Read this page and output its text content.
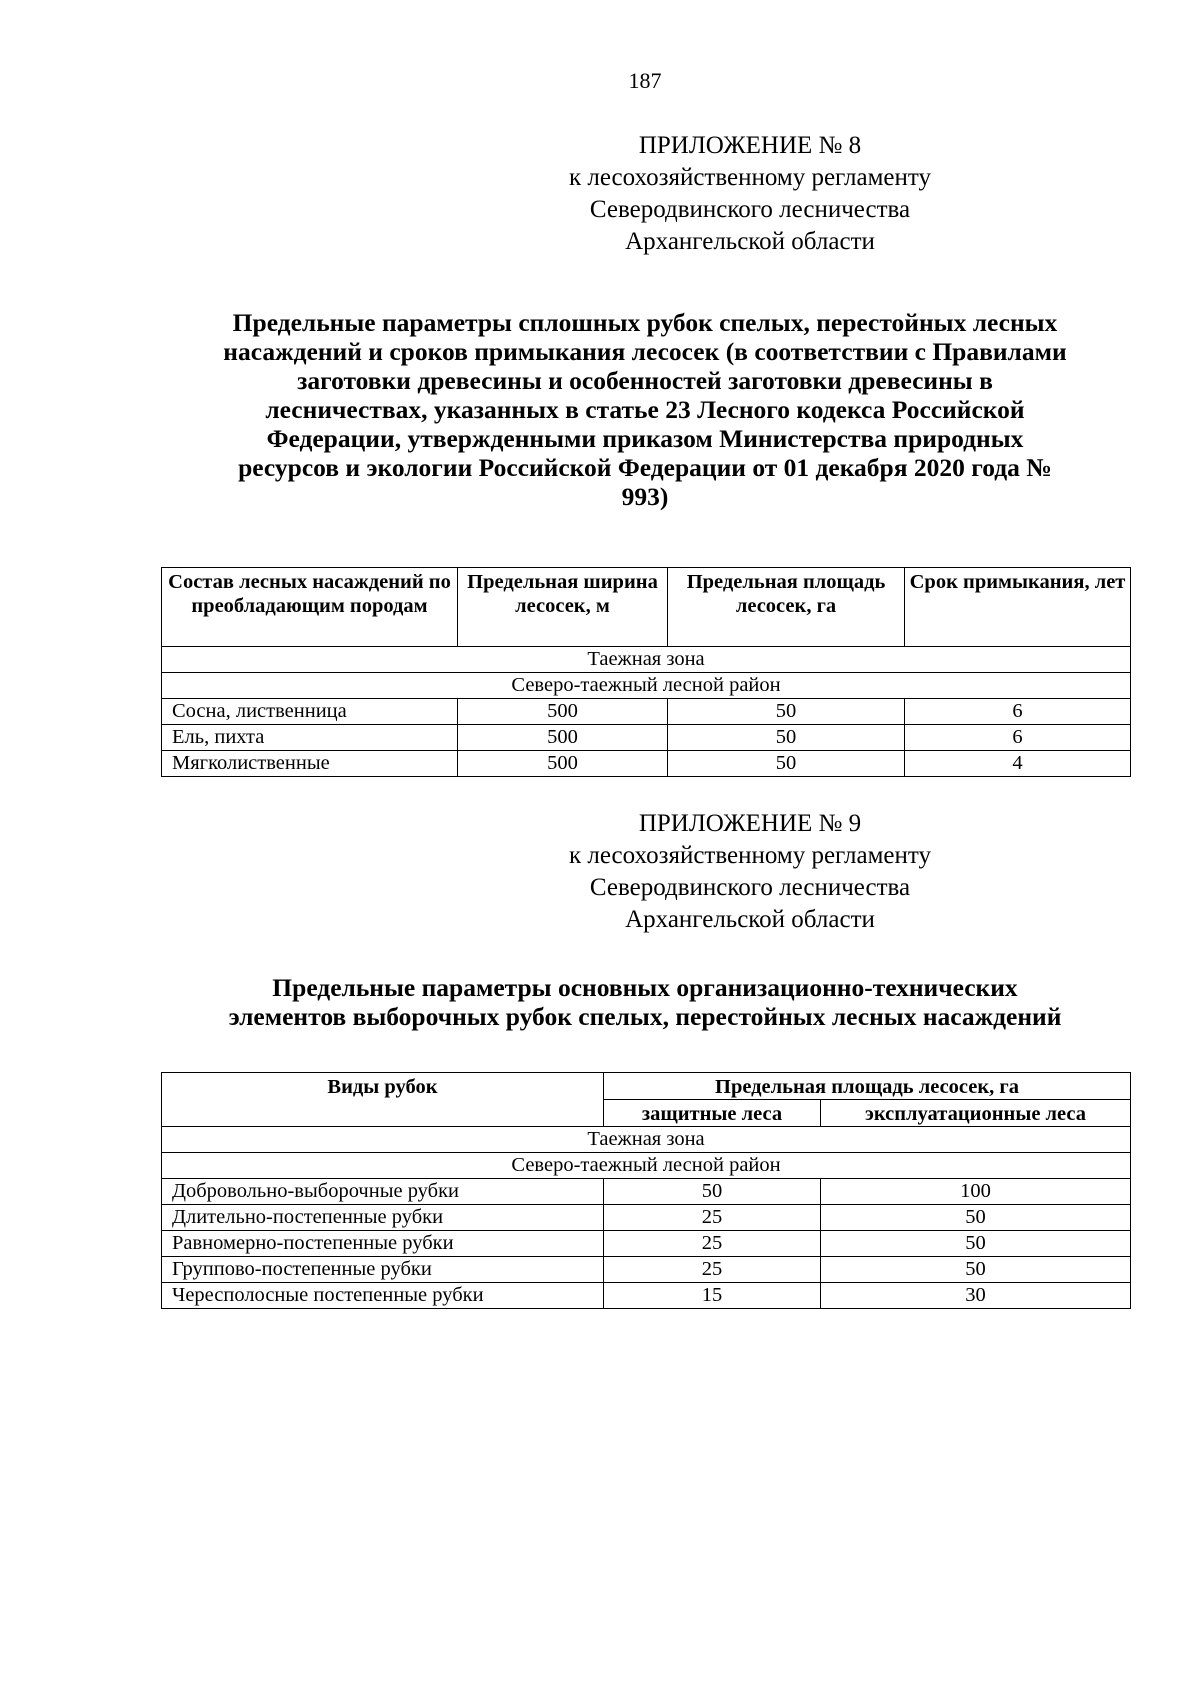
187
ПРИЛОЖЕНИЕ № 8
к лесохозяйственному регламенту
Северодвинского лесничества
Архангельской области
Предельные параметры сплошных рубок спелых, перестойных лесных
насаждений и сроков примыкания лесосек (в соответствии с Правилами
заготовки древесины и особенностей заготовки древесины в
лесничествах, указанных в статье 23 Лесного кодекса Российской
Федерации, утвержденными приказом Министерства природных
ресурсов и экологии Российской Федерации от 01 декабря 2020 года №
993)
Состав лесных насаждений по преобладающим породам	Предельная ширина лесосек, м	Предельная площадь лесосек, га	Срок примыкания, лет
Таежная зона			
Северо-таежный лесной район			
Сосна, лиственница	500	50	6
Ель, пихта	500	50	6
Мягколиственные	500	50	4
ПРИЛОЖЕНИЕ № 9
к лесохозяйственному регламенту
Северодвинского лесничества
Архангельской области
Предельные параметры основных организационно-технических
элементов выборочных рубок спелых, перестойных лесных насаждений
Виды рубок	Предельная площадь лесосек, га	
	защитные леса	эксплуатационные леса
Таежная зона		
Северо-таежный лесной район		
Добровольно-выборочные рубки	50	100
Длительно-постепенные рубки	25	50
Равномерно-постепенные рубки	25	50
Группово-постепенные рубки	25	50
Чересполосные постепенные рубки	15	30
